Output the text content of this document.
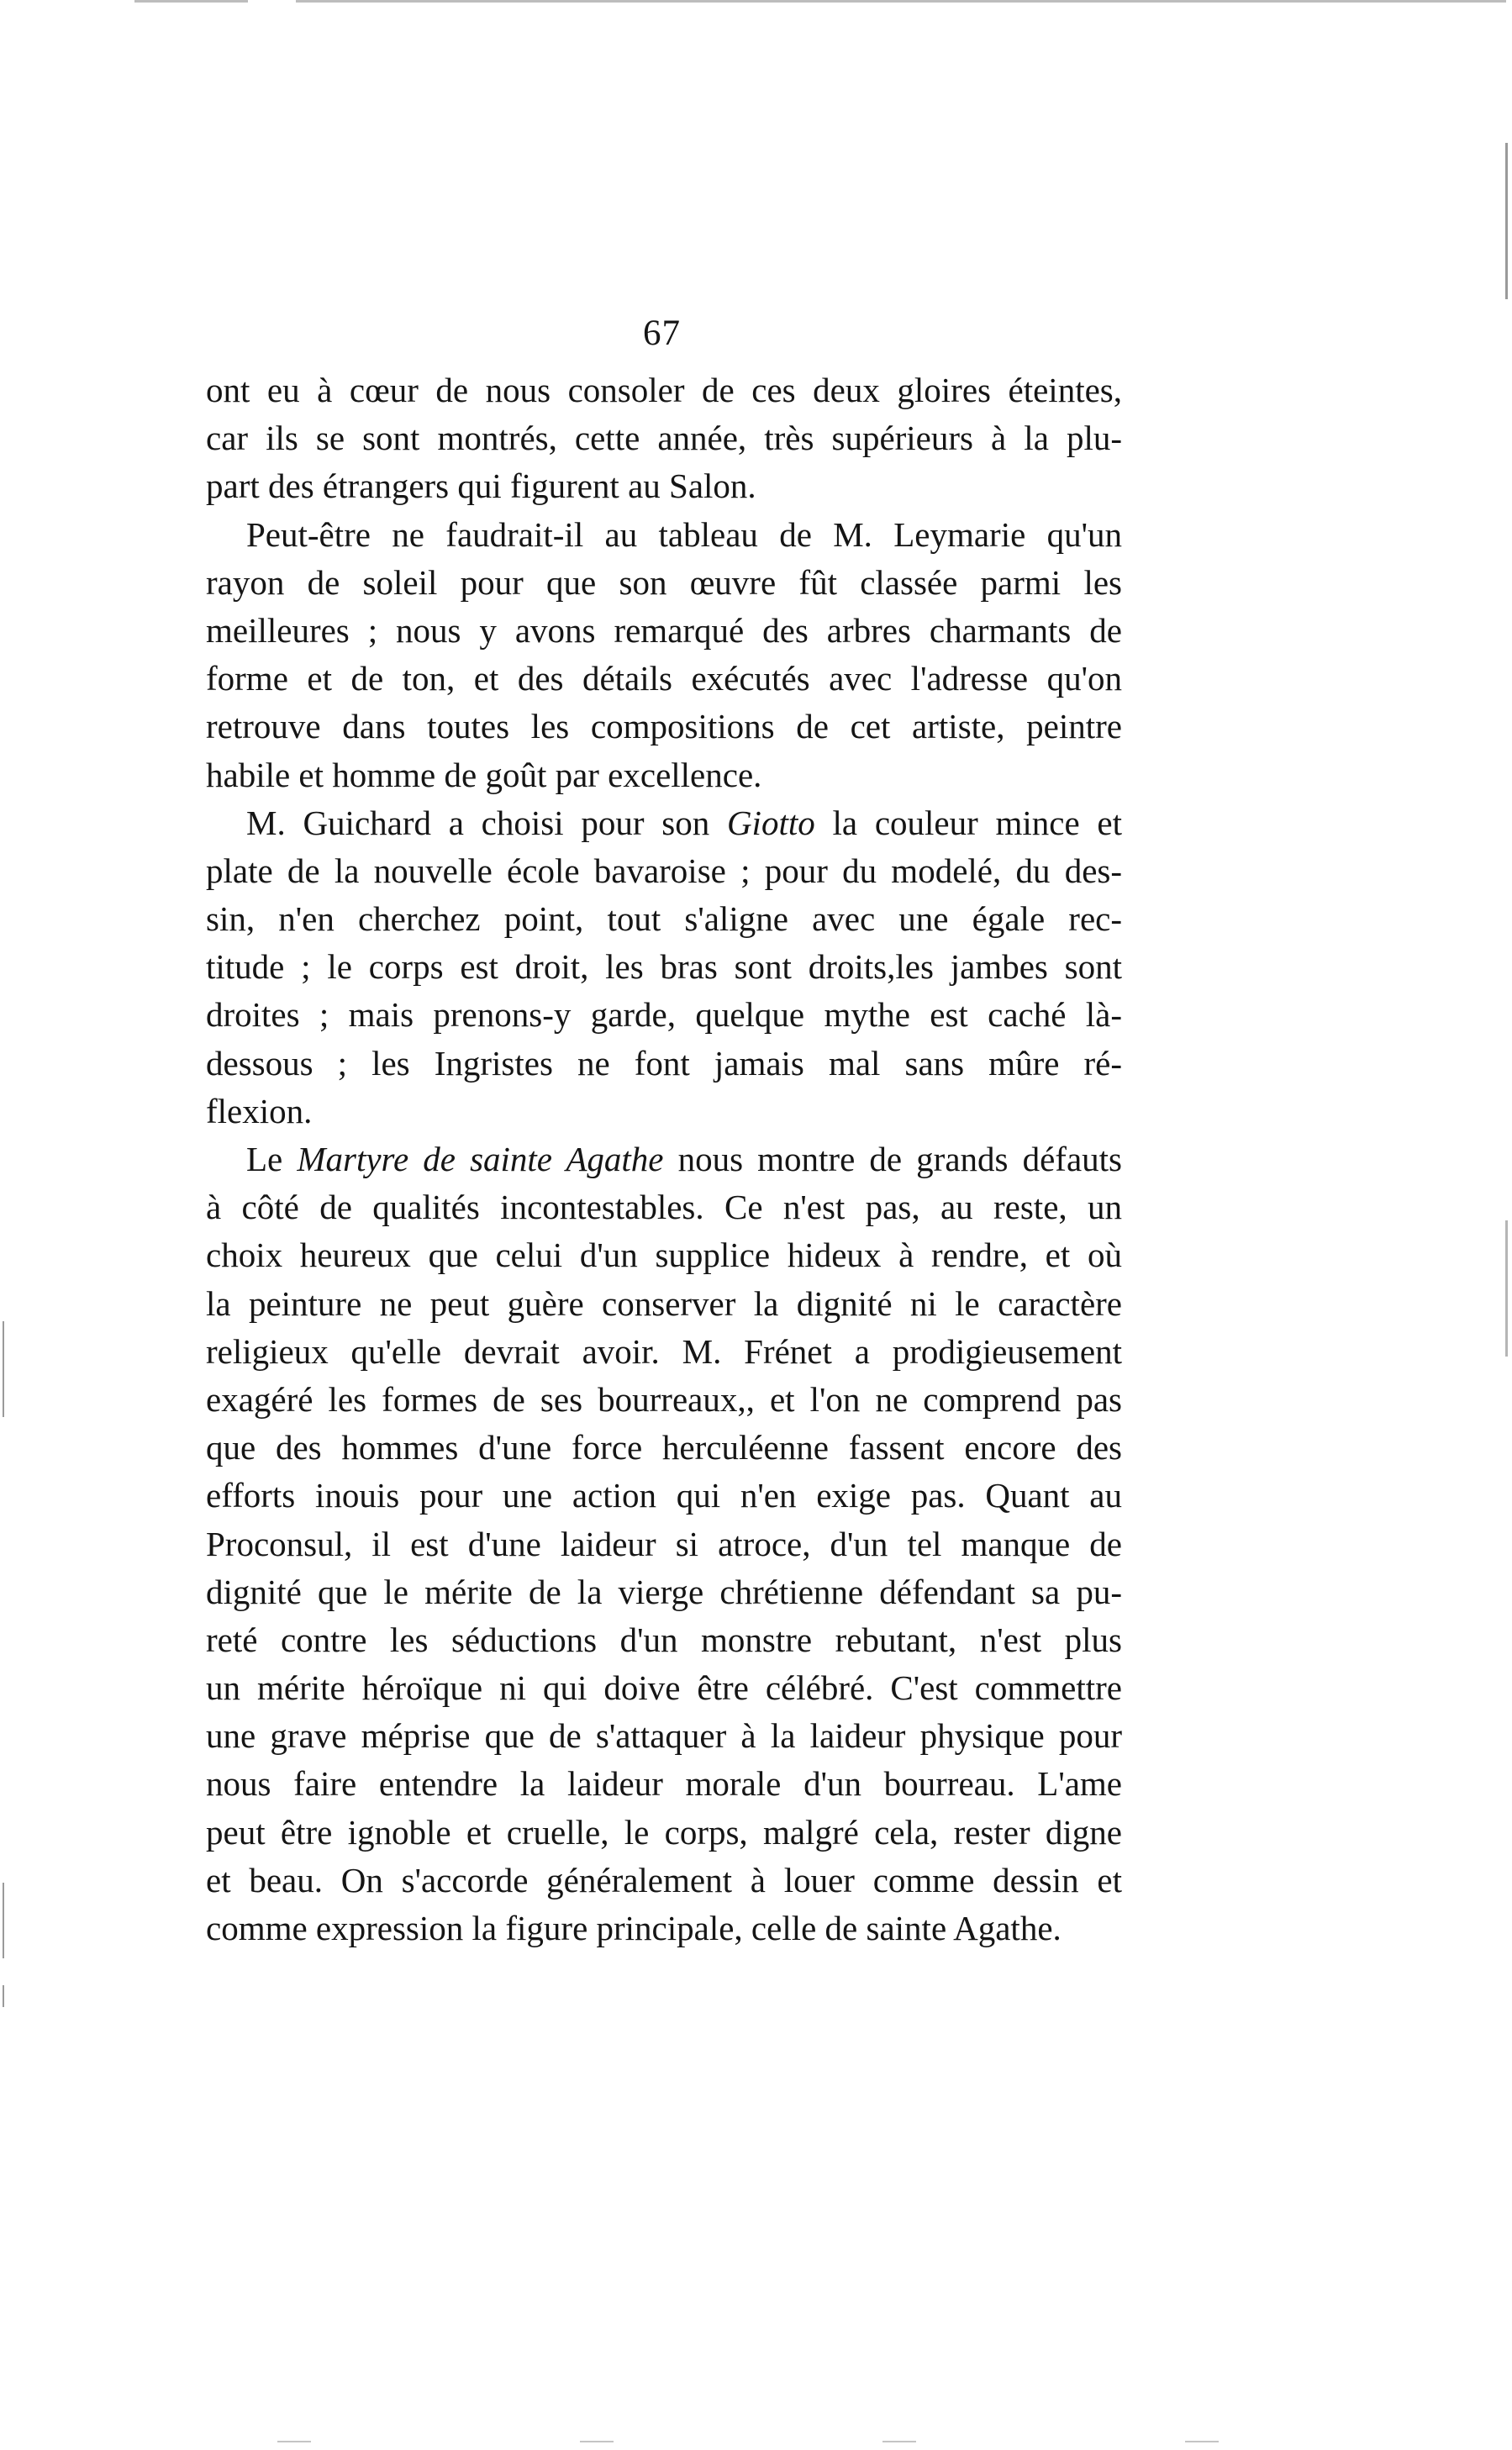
67
ont eu à cœur de nous consoler de ces deux gloires éteintes,
car ils se sont montrés, cette année, très supérieurs à la plu-
part des étrangers qui figurent au Salon.
Peut-être ne faudrait-il au tableau de M. Leymarie qu'un
rayon de soleil pour que son œuvre fût classée parmi les
meilleures ; nous y avons remarqué des arbres charmants de
forme et de ton, et des détails exécutés avec l'adresse qu'on
retrouve dans toutes les compositions de cet artiste, peintre
habile et homme de goût par excellence.
M. Guichard a choisi pour son Giotto la couleur mince et
plate de la nouvelle école bavaroise ; pour du modelé, du des-
sin, n'en cherchez point, tout s'aligne avec une égale rec-
titude ; le corps est droit, les bras sont droits,les jambes sont
droites ; mais prenons-y garde, quelque mythe est caché là-
dessous ; les Ingristes ne font jamais mal sans mûre ré-
flexion.
Le Martyre de sainte Agathe nous montre de grands défauts
à côté de qualités incontestables. Ce n'est pas, au reste, un
choix heureux que celui d'un supplice hideux à rendre, et où
la peinture ne peut guère conserver la dignité ni le caractère
religieux qu'elle devrait avoir. M. Frénet a prodigieusement
exagéré les formes de ses bourreaux,, et l'on ne comprend pas
que des hommes d'une force herculéenne fassent encore des
efforts inouis pour une action qui n'en exige pas. Quant au
Proconsul, il est d'une laideur si atroce, d'un tel manque de
dignité que le mérite de la vierge chrétienne défendant sa pu-
reté contre les séductions d'un monstre rebutant, n'est plus
un mérite héroïque ni qui doive être célébré. C'est commettre
une grave méprise que de s'attaquer à la laideur physique pour
nous faire entendre la laideur morale d'un bourreau. L'ame
peut être ignoble et cruelle, le corps, malgré cela, rester digne
et beau. On s'accorde généralement à louer comme dessin et
comme expression la figure principale, celle de sainte Agathe.
